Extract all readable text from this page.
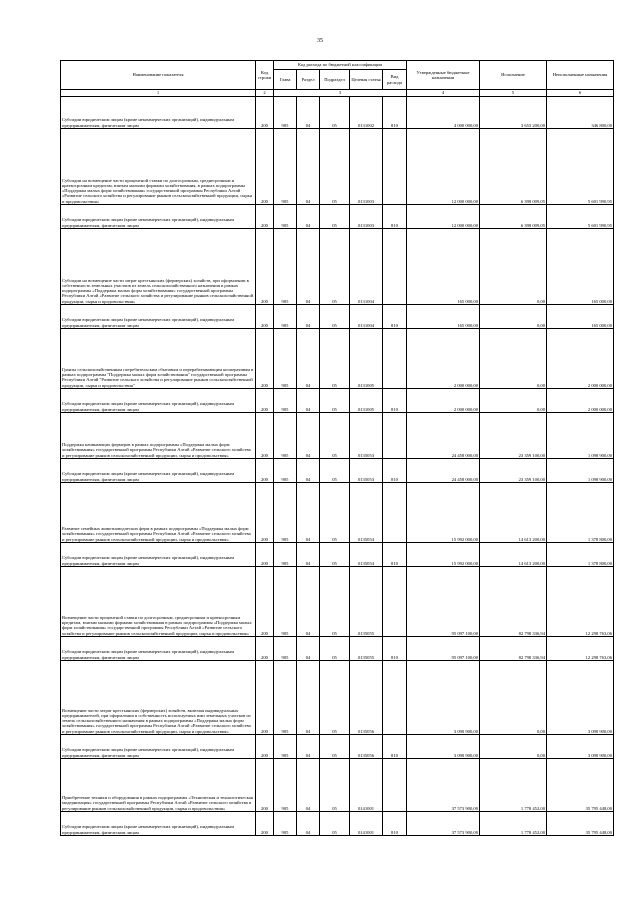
35
Наименование показателя	Код строки	Код расхода по бюджетной классификации					Утвержденные бюджетные назначения	Исполнение	Неисполненные назначения
		Глава	Раздел	Подраздел	Целевая статья	Вид расхода			
1	2	3					4	5	6
Субсидии юридическим лицам (кроме некоммерческих организаций), индивидуальным предпринимателям, физическим лицам	200	905	04	05	0131002	810	4 000 000,00	3 653 200,00	346 800,00
Субсидии на возмещение части процентной ставки по долгосрочным, среднесрочным и краткосрочным кредитам, взятым малыми формами хозяйствования, в рамках подпрограммы «Поддержка малых форм хозяйствования» государственной программы Республики Алтай «Развитие сельского хозяйства и регулирование рынков сельскохозяйственной продукции, сырья и продовольствия»	200	905	04	05	0131003		12 000 000,00	6 398 009,05	5 601 990,95
Субсидии юридическим лицам (кроме некоммерческих организаций), индивидуальным предпринимателям, физическим лицам	200	905	04	05	0131003	810	12 000 000,00	6 398 009,05	5 601 990,95
Субсидии на возмещение части затрат крестьянских (фермерских) хозяйств, при оформлении в собственность земельных участков из земель сельскохозяйственного назначения в рамках подпрограммы «Поддержка малых форм хозяйствования» государственной программы Республики Алтай «Развитие сельского хозяйства и регулирование рынков сельскохозяйственной продукции, сырья и продовольствия»	200	905	04	05	0131004		165 000,00	0,00	165 000,00
Субсидии юридическим лицам (кроме некоммерческих организаций), индивидуальным предпринимателям, физическим лицам	200	905	04	05	0131004	810	165 000,00	0,00	165 000,00
Гранты сельскохозяйственным потребительским сбытовым и перерабатывающим кооперативам в рамках подпрограммы "Поддержка малых форм хозяйствования" государственной программы Республики Алтай "Развитие сельского хозяйства и регулирование рынков сельскохозяйственной продукции, сырья и продовольствия"	200	905	04	05	0131005		2 000 000,00	0,00	2 000 000,00
Субсидии юридическим лицам (кроме некоммерческих организаций), индивидуальным предпринимателям, физическим лицам	200	905	04	05	0131005	810	2 000 000,00	0,00	2 000 000,00
Поддержка начинающих фермеров в рамках подпрограммы «Поддержка малых форм хозяйствования» государственной программы Республики Алтай «Развитие сельского хозяйства и регулирование рынков сельскохозяйственной продукции, сырья и продовольствия»	200	905	04	05	0135053		24 458 000,00	23 359 100,00	1 098 900,00
Субсидии юридическим лицам (кроме некоммерческих организаций), индивидуальным предпринимателям, физическим лицам	200	905	04	05	0135053	810	24 458 000,00	23 359 100,00	1 098 900,00
Развитие семейных животноводческих ферм в рамках подпрограммы «Поддержка малых форм хозяйствования» государственной программы Республики Алтай «Развитие сельского хозяйства и регулирование рынков сельскохозяйственной продукции, сырья и продовольствия»	200	905	04	05	0135054		15 992 000,00	14 613 200,00	1 378 800,00
Субсидии юридическим лицам (кроме некоммерческих организаций), индивидуальным предпринимателям, физическим лицам	200	905	04	05	0135054	810	15 992 000,00	14 613 200,00	1 378 800,00
Возмещение части процентной ставки по долгосрочным, среднесрочным и краткосрочным кредитам, взятым малыми формами хозяйствования в рамках подпрограммы «Поддержка малых форм хозяйствования» государственной программы Республики Алтай «Развитие сельского хозяйства и регулирование рынков сельскохозяйственной продукции, сырья и продовольствия»	200	905	04	05	0135055		95 097 100,00	82 798 336,94	12 298 763,06
Субсидии юридическим лицам (кроме некоммерческих организаций), индивидуальным предпринимателям, физическим лицам	200	905	04	05	0135055	810	95 097 100,00	82 798 336,94	12 298 763,06
Возмещение части затрат крестьянских (фермерских) хозяйств, включая индивидуальных предпринимателей, при оформлении в собственность используемых ими земельных участков из земель сельскохозяйственного назначения в рамках подпрограммы «Поддержка малых форм хозяйствования» государственной программы Республики Алтай «Развитие сельского хозяйства и регулирование рынков сельскохозяйственной продукции, сырья и продовольствия»	200	905	04	05	0135056		3 090 900,00	0,00	3 090 900,00
Субсидии юридическим лицам (кроме некоммерческих организаций), индивидуальным предпринимателям, физическим лицам	200	905	04	05	0135056	810	3 090 900,00	0,00	3 090 900,00
Приобретение техники и оборудования в рамках подпрограммы «Техническая и технологическая модернизация» государственной программы Республики Алтай «Развитие сельского хозяйства и регулирование рынков сельскохозяйственной продукции, сырья и продовольствия»	200	905	04	05	0141001		37 573 900,00	1 778 452,00	35 795 448,00
Субсидии юридическим лицам (кроме некоммерческих организаций), индивидуальным предпринимателям, физическим лицам	200	905	04	05	0141001	810	37 573 900,00	1 778 452,00	35 795 448,00
